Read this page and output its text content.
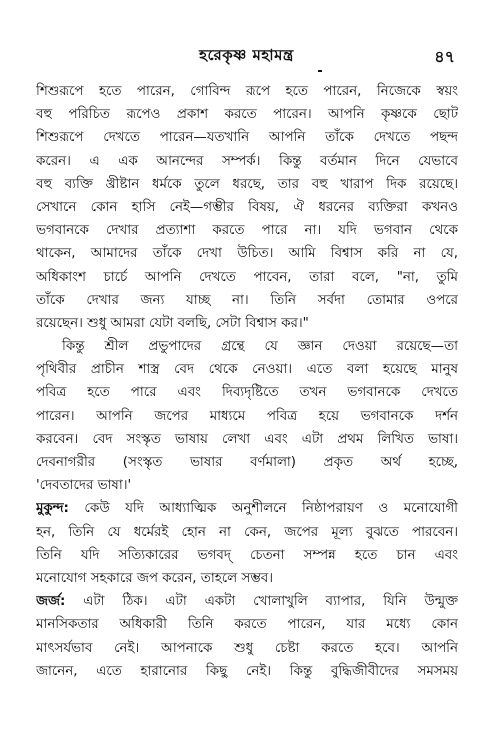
হরেকৃষ্ণ মহামন্ত্র	৪৭
শিশুরূপে হতে পারেন, গোবিন্দ রূপে হতে পারেন, নিজেকে স্বয়ং
বহু পরিচিত রূপেও প্রকাশ করতে পারেন। আপনি কৃষ্ণকে ছোট
শিশুরূপে দেখতে পারেন—যতখানি আপনি তাঁকে দেখতে পছন্দ
করেন। এ এক আনন্দের সম্পর্ক। কিন্তু বর্তমান দিনে যেভাবে
বহু ব্যক্তি খ্রীষ্টান ধর্মকে তুলে ধরছে, তার বহু খারাপ দিক রয়েছে।
সেখানে কোন হাসি নেই—গম্ভীর বিষয়, ঐ ধরনের ব্যক্তিরা কখনও
ভগবানকে দেখার প্রত্যাশা করতে পারে না। যদি ভগবান থেকে
থাকেন, আমাদের তাঁকে দেখা উচিত। আমি বিশ্বাস করি না যে,
অধিকাংশ চার্চে আপনি দেখতে পাবেন, তারা বলে, "না, তুমি
তাঁকে দেখার জন্য যাচ্ছ না। তিনি সর্বদা তোমার ওপরে
রয়েছেন। শুধু আমরা যেটা বলছি, সেটা বিশ্বাস কর।"
কিন্তু শ্রীল প্রভুপাদের গ্রন্থে যে জ্ঞান দেওয়া রয়েছে—তা
পৃথিবীর প্রাচীন শাস্ত্র বেদ থেকে নেওয়া। এতে বলা হয়েছে মানুষ
পবিত্র হতে পারে এবং দিব্যদৃষ্টিতে তখন ভগবানকে দেখতে
পারেন। আপনি জপের মাধ্যমে পবিত্র হয়ে ভগবানকে দর্শন
করবেন। বেদ সংস্কৃত ভাষায় লেখা এবং এটা প্রথম লিখিত ভাষা।
দেবনাগরীর (সংস্কৃত ভাষার বর্ণমালা) প্রকৃত অর্থ হচ্ছে,
'দেবতাদের ভাষা।'
মুকুন্দ: কেউ যদি আধ্যাত্মিক অনুশীলনে নিষ্ঠাপরায়ণ ও মনোযোগী
হন, তিনি যে ধর্মেরই হোন না কেন, জপের মূল্য বুঝতে পারবেন।
তিনি যদি সত্যিকারের ভগবদ্ চেতনা সম্পন্ন হতে চান এবং
মনোযোগ সহকারে জপ করেন, তাহলে সম্ভব।
জর্জ: এটা ঠিক। এটা একটা খোলাখুলি ব্যাপার, যিনি উন্মুক্ত
মানসিকতার অধিকারী তিনি করতে পারেন, যার মধ্যে কোন
মাৎসর্যভাব নেই। আপনাকে শুধু চেষ্টা করতে হবে। আপনি
জানেন, এতে হারানোর কিছু নেই। কিন্তু বুদ্ধিজীবীদের সমসময়
